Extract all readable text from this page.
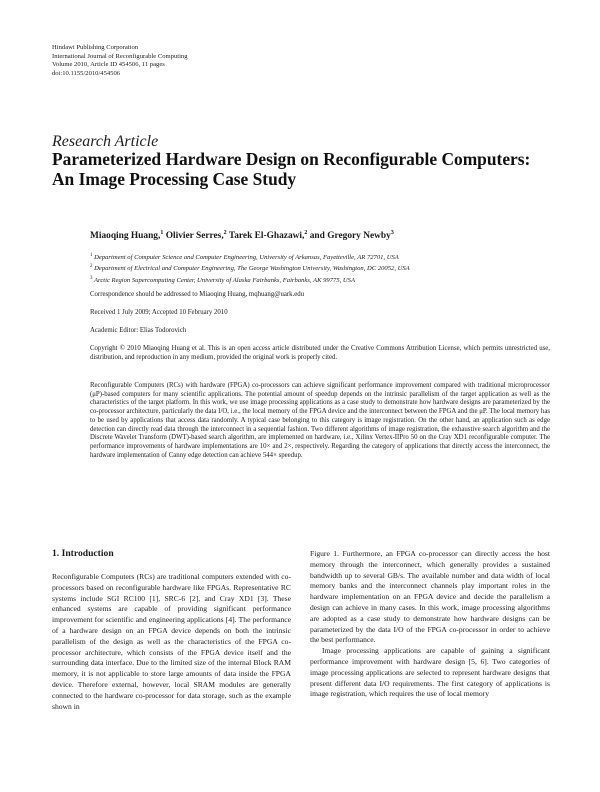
Hindawi Publishing Corporation
International Journal of Reconfigurable Computing
Volume 2010, Article ID 454506, 11 pages
doi:10.1155/2010/454506
Research Article
Parameterized Hardware Design on Reconfigurable Computers:
An Image Processing Case Study
Miaoqing Huang,$^1$ Olivier Serres,$^2$ Tarek El-Ghazawi,$^2$ and Gregory Newby$^3$
$^1$ Department of Computer Science and Computer Engineering, University of Arkansas, Fayetteville, AR 72701, USA
$^2$ Department of Electrical and Computer Engineering, The George Washington University, Washington, DC 20052, USA
$^3$ Arctic Region Supercomputing Center, University of Alaska Fairbanks, Fairbanks, AK 99775, USA
Correspondence should be addressed to Miaoqing Huang, mqhuang@uark.edu
Received 1 July 2009; Accepted 10 February 2010
Academic Editor: Elias Todorovich
Copyright © 2010 Miaoqing Huang et al. This is an open access article distributed under the Creative Commons Attribution License, which permits unrestricted use, distribution, and reproduction in any medium, provided the original work is properly cited.
Reconfigurable Computers (RCs) with hardware (FPGA) co-processors can achieve significant performance improvement compared with traditional microprocessor (μP)-based computers for many scientific applications. The potential amount of speedup depends on the intrinsic parallelism of the target application as well as the characteristics of the target platform. In this work, we use image processing applications as a case study to demonstrate how hardware designs are parameterized by the co-processor architecture, particularly the data I/O, i.e., the local memory of the FPGA device and the interconnect between the FPGA and the μP. The local memory has to be used by applications that access data randomly. A typical case belonging to this category is image registration. On the other hand, an application such as edge detection can directly read data through the interconnect in a sequential fashion. Two different algorithms of image registration, the exhaustive search algorithm and the Discrete Wavelet Transform (DWT)-based search algorithm, are implemented on hardware, i.e., Xilinx Vertex-IIPro 50 on the Cray XD1 reconfigurable computer. The performance improvements of hardware implementations are 10× and 2×, respectively. Regarding the category of applications that directly access the interconnect, the hardware implementation of Canny edge detection can achieve 544× speedup.
1. Introduction

Reconfigurable Computers (RCs) are traditional computers extended with co-processors based on reconfigurable hardware like FPGAs. Representative RC systems include SGI RC100 [1], SRC-6 [2], and Cray XD1 [3]. These enhanced systems are capable of providing significant performance improvement for scientific and engineering applications [4]. The performance of a hardware design on an FPGA device depends on both the intrinsic parallelism of the design as well as the characteristics of the FPGA co-processor architecture, which consists of the FPGA device itself and the surrounding data interface. Due to the limited size of the internal Block RAM memory, it is not applicable to store large amounts of data inside the FPGA device. Therefore external, however, local SRAM modules are generally connected to the hardware co-processor for data storage, such as the example shown in

Figure 1. Furthermore, an FPGA co-processor can directly access the host memory through the interconnect, which generally provides a sustained bandwidth up to several GB/s. The available number and data width of local memory banks and the interconnect channels play important roles in the hardware implementation on an FPGA device and decide the parallelism a design can achieve in many cases. In this work, image processing algorithms are adopted as a case study to demonstrate how hardware designs can be parameterized by the data I/O of the FPGA co-processor in order to achieve the best performance.

Image processing applications are capable of gaining a significant performance improvement with hardware design [5, 6]. Two categories of image processing applications are selected to represent hardware designs that present different data I/O requirements. The first category of applications is image registration, which requires the use of local memory
